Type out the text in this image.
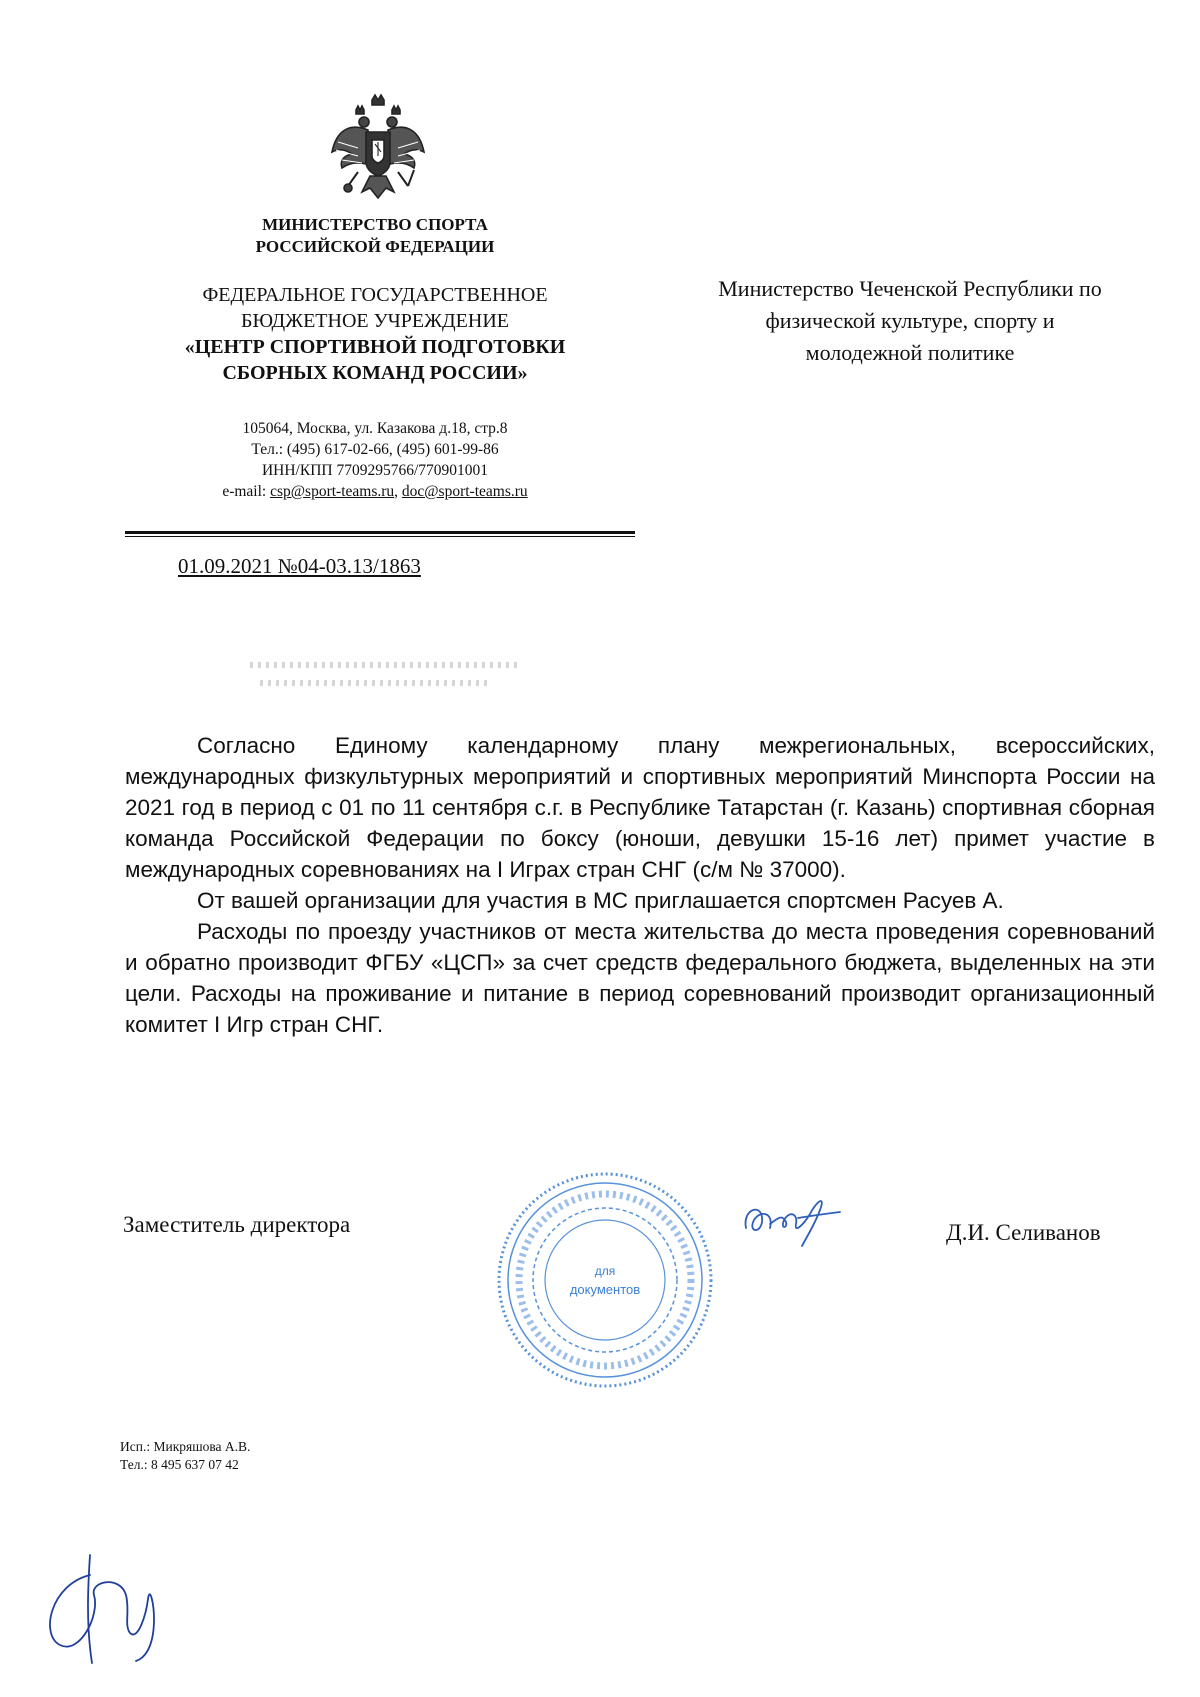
МИНИСТЕРСТВО СПОРТА
РОССИЙСКОЙ ФЕДЕРАЦИИ
ФЕДЕРАЛЬНОЕ ГОСУДАРСТВЕННОЕ
БЮДЖЕТНОЕ УЧРЕЖДЕНИЕ
«ЦЕНТР СПОРТИВНОЙ ПОДГОТОВКИ
СБОРНЫХ КОМАНД РОССИИ»
105064, Москва, ул. Казакова д.18, стр.8
Тел.: (495) 617-02-66, (495) 601-99-86
ИНН/КПП 7709295766/770901001
e-mail: csp@sport-teams.ru, doc@sport-teams.ru
01.09.2021 №04-03.13/1863
Министерство Чеченской Республики по
физической культуре, спорту и
молодежной политике

Согласно Единому календарному плану межрегиональных, всероссийских, международных физкультурных мероприятий и спортивных мероприятий Минспорта России на 2021 год в период с 01 по 11 сентября с.г. в Республике Татарстан (г. Казань) спортивная сборная команда Российской Федерации по боксу (юноши, девушки 15-16 лет) примет участие в международных соревнованиях на I Играх стран СНГ (с/м № 37000).

От вашей организации для участия в МС приглашается спортсмен Расуев А.

Расходы по проезду участников от места жительства до места проведения соревнований и обратно производит ФГБУ «ЦСП» за счет средств федерального бюджета, выделенных на эти цели. Расходы на проживание и питание в период соревнований производит организационный комитет I Игр стран СНГ.

Заместитель директора	Д.И. Селиванов
для
документов
Исп.: Микряшова А.В.
Тел.: 8 495 637 07 42
